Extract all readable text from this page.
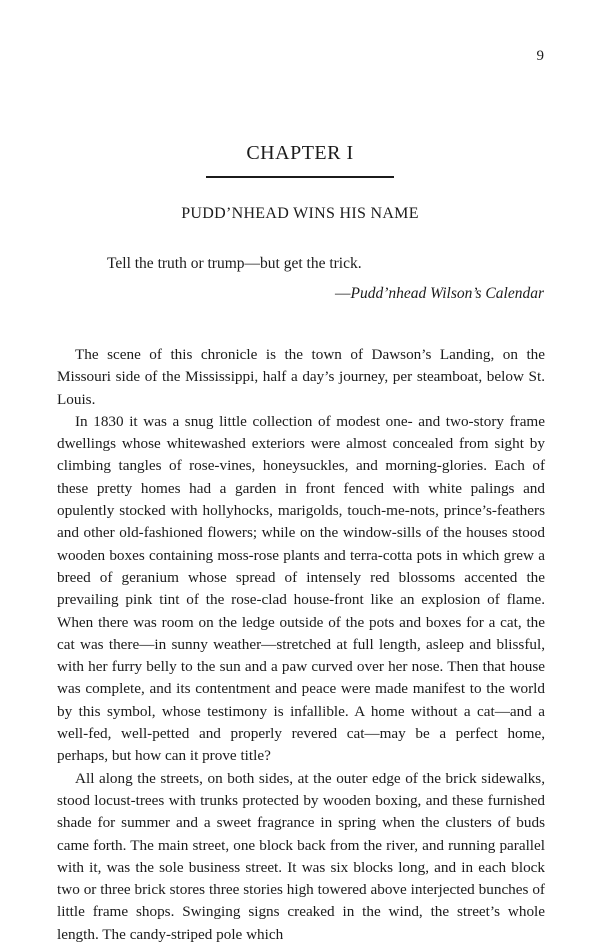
9
CHAPTER I
PUDD’NHEAD WINS HIS NAME
Tell the truth or trump—but get the trick.
—Pudd’nhead Wilson’s Calendar

The scene of this chronicle is the town of Dawson’s Landing, on the Missouri side of the Mississippi, half a day’s journey, per steamboat, below St. Louis.

In 1830 it was a snug little collection of modest one- and two-story frame dwellings whose whitewashed exteriors were almost concealed from sight by climbing tangles of rose-vines, honeysuckles, and morning-glories. Each of these pretty homes had a garden in front fenced with white palings and opulently stocked with hollyhocks, marigolds, touch-me-nots, prince’s-feathers and other old-fashioned flowers; while on the window-sills of the houses stood wooden boxes containing moss-rose plants and terra-cotta pots in which grew a breed of geranium whose spread of intensely red blossoms accented the prevailing pink tint of the rose-clad house-front like an explosion of flame. When there was room on the ledge outside of the pots and boxes for a cat, the cat was there—in sunny weather—stretched at full length, asleep and blissful, with her furry belly to the sun and a paw curved over her nose. Then that house was complete, and its contentment and peace were made manifest to the world by this symbol, whose testimony is infallible. A home without a cat—and a well-fed, well-petted and properly revered cat—may be a perfect home, perhaps, but how can it prove title?

All along the streets, on both sides, at the outer edge of the brick sidewalks, stood locust-trees with trunks protected by wooden boxing, and these furnished shade for summer and a sweet fragrance in spring when the clusters of buds came forth. The main street, one block back from the river, and running parallel with it, was the sole business street. It was six blocks long, and in each block two or three brick stores three stories high towered above interjected bunches of little frame shops. Swinging signs creaked in the wind, the street’s whole length. The candy-striped pole which
